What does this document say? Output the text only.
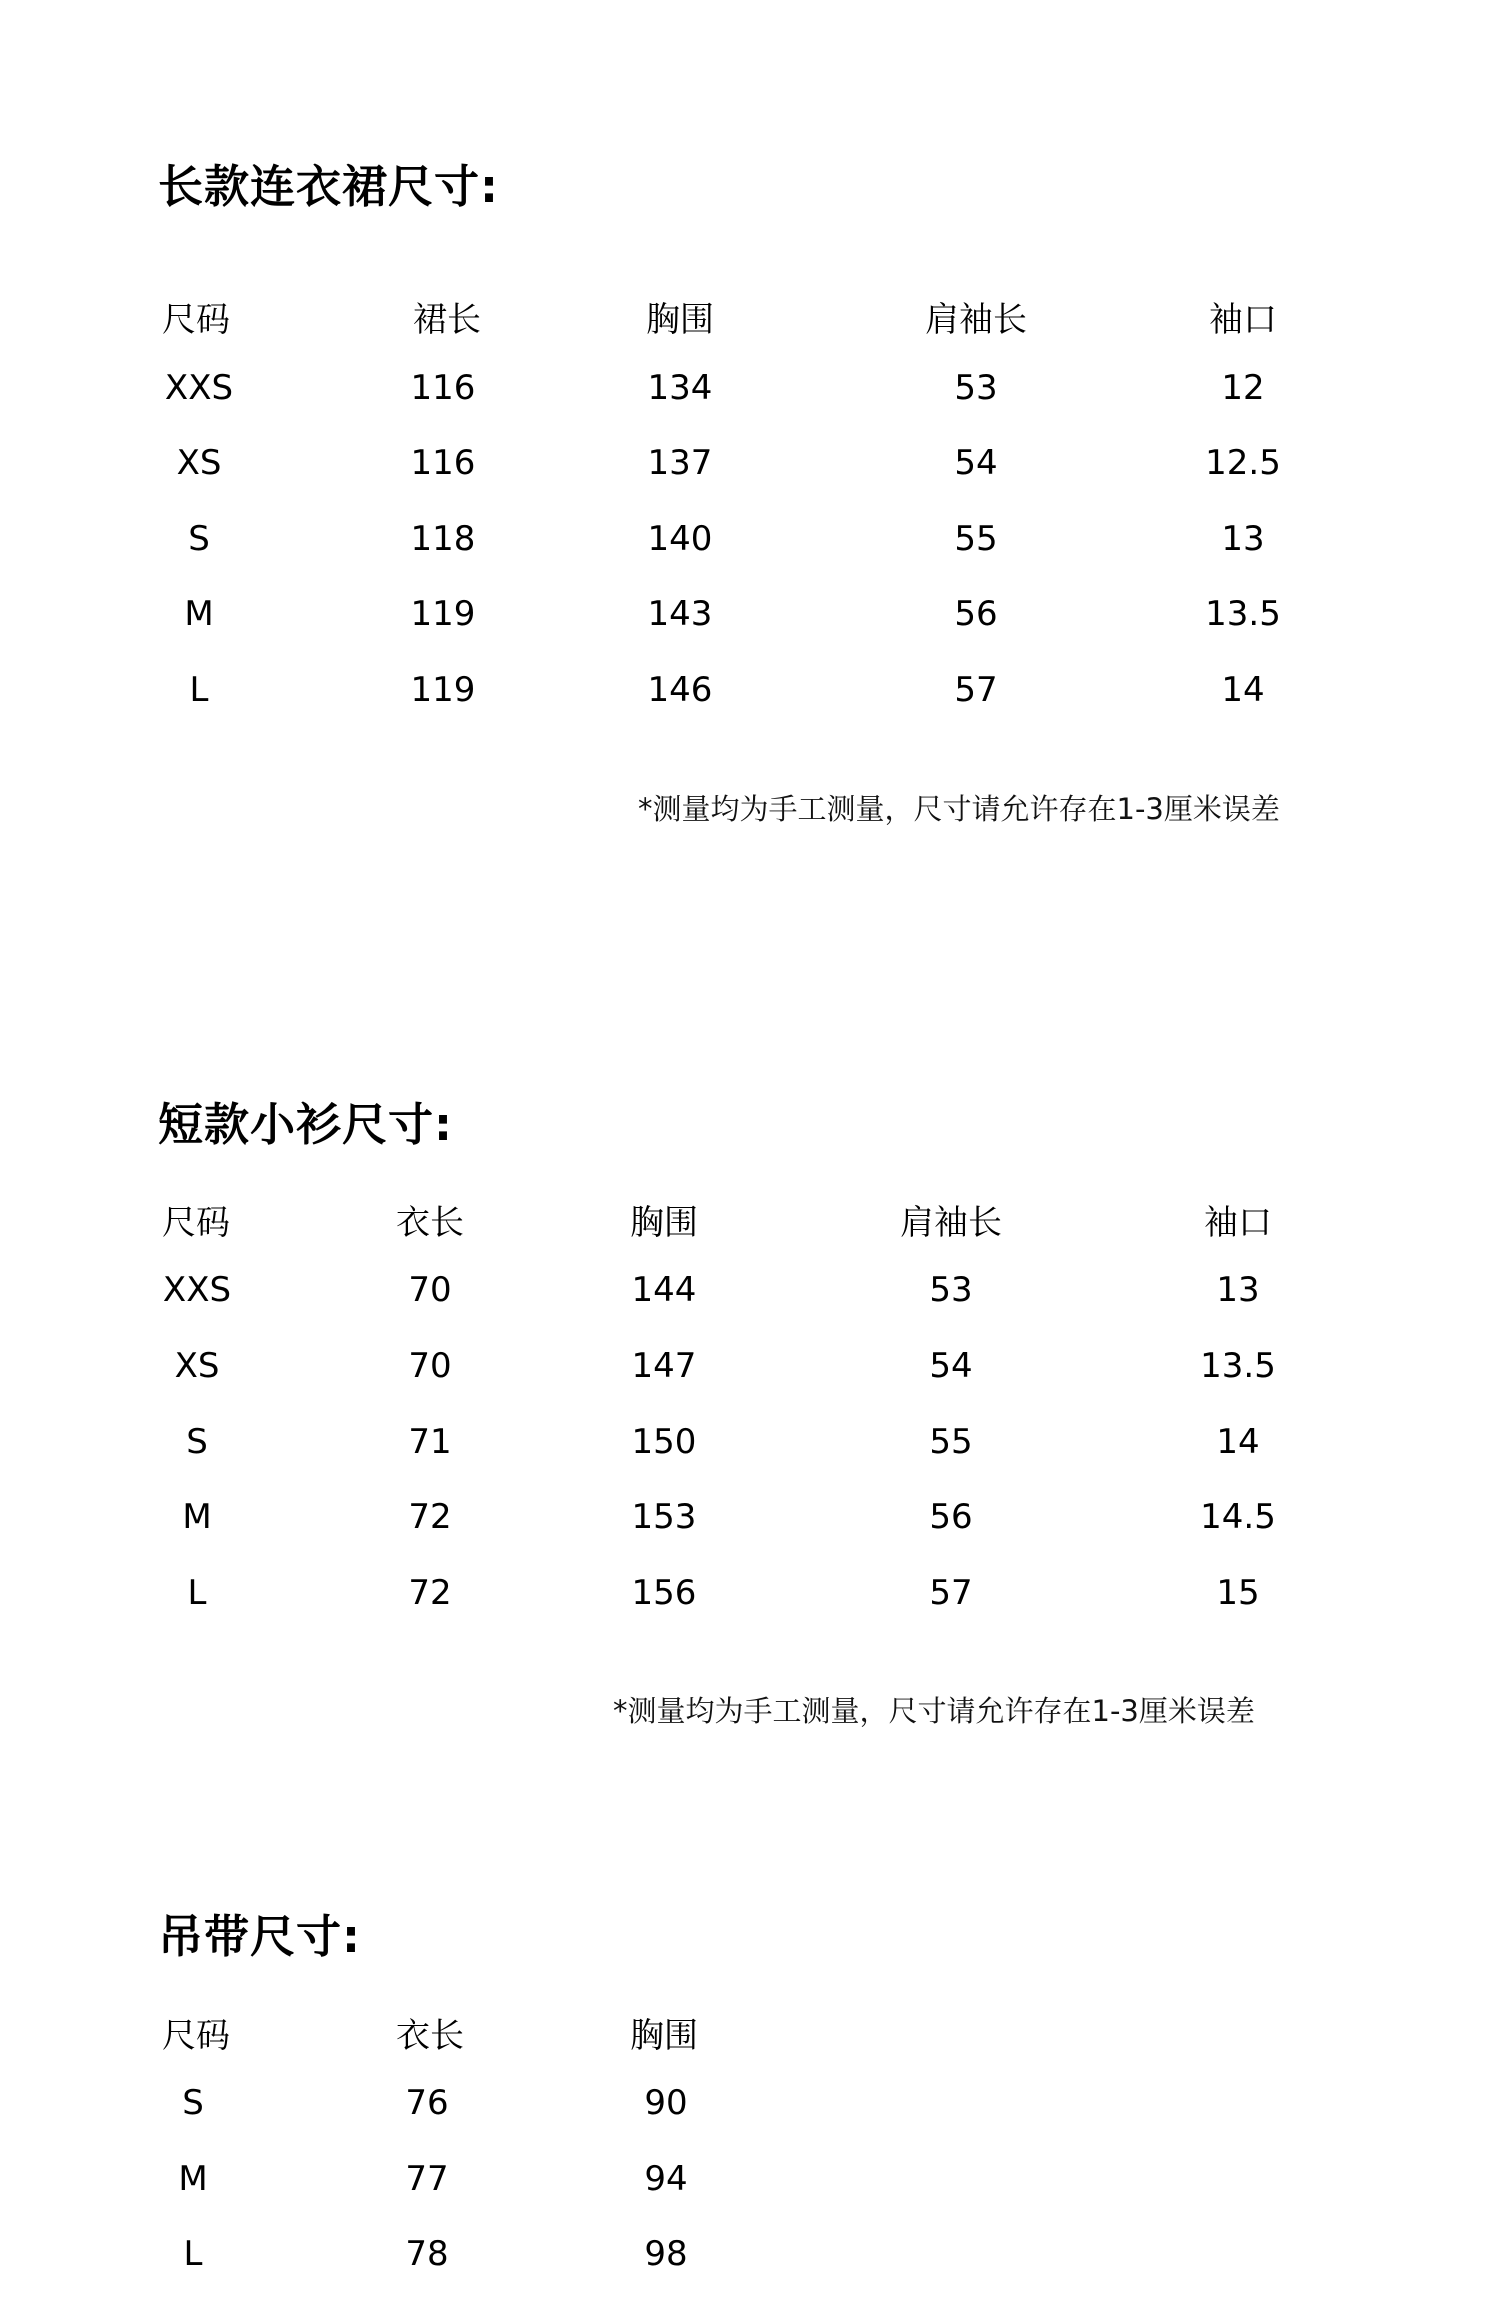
长款连衣裙尺寸:
尺码	裙长	胸围	肩袖长	袖口
XXS	116	134	53	12
XS	116	137	54	12.5
S	118	140	55	13
M	119	143	56	13.5
L	119	146	57	14
*测量均为手工测量，尺寸请允许存在1-3厘米误差
短款小衫尺寸:
尺码	衣长	胸围	肩袖长	袖口
XXS	70	144	53	13
XS	70	147	54	13.5
S	71	150	55	14
M	72	153	56	14.5
L	72	156	57	15
*测量均为手工测量，尺寸请允许存在1-3厘米误差
吊带尺寸:
尺码	衣长	胸围
S	76	90
M	77	94
L	78	98
